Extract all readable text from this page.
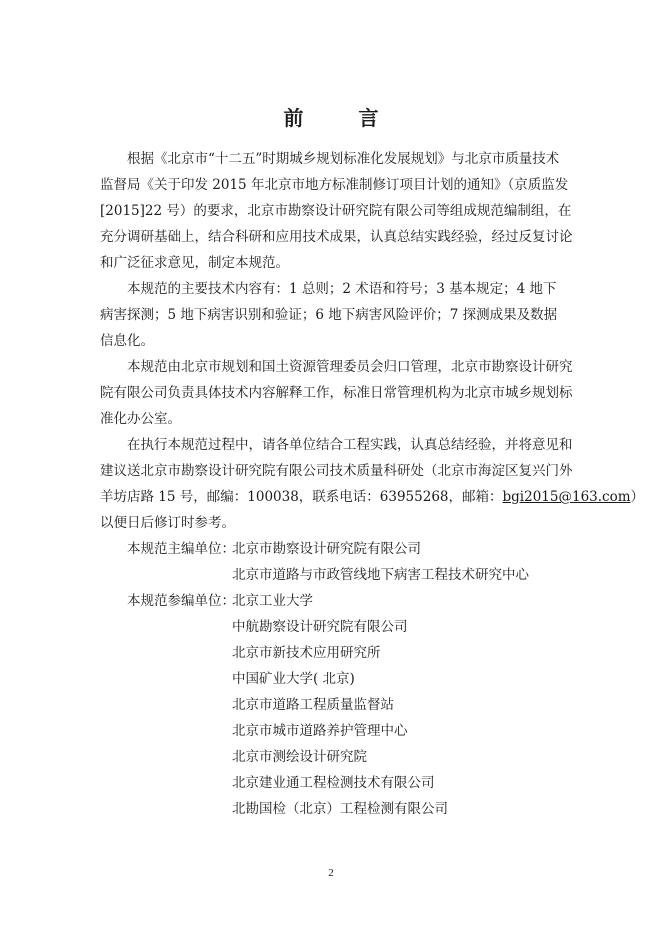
前 言
根据《北京市“十二五”时期城乡规划标准化发展规划》与北京市质量技术
监督局《关于印发 2015 年北京市地方标准制修订项目计划的通知》（京质监发
[2015]22 号）的要求，北京市勘察设计研究院有限公司等组成规范编制组，在
充分调研基础上，结合科研和应用技术成果，认真总结实践经验，经过反复讨论
和广泛征求意见，制定本规范。
本规范的主要技术内容有：1 总则；2 术语和符号；3 基本规定；4 地下
病害探测；5 地下病害识别和验证；6 地下病害风险评价；7 探测成果及数据
信息化。
本规范由北京市规划和国土资源管理委员会归口管理，北京市勘察设计研究
院有限公司负责具体技术内容解释工作，标准日常管理机构为北京市城乡规划标
准化办公室。
在执行本规范过程中，请各单位结合工程实践，认真总结经验，并将意见和
建议送北京市勘察设计研究院有限公司技术质量科研处（北京市海淀区复兴门外
羊坊店路 15 号，邮编：100038，联系电话：63955268，邮箱：bgi2015@163.com）
以便日后修订时参考。
本规范主编单位：
北京市勘察设计研究院有限公司
北京市道路与市政管线地下病害工程技术研究中心
本规范参编单位：
北京工业大学
中航勘察设计研究院有限公司
北京市新技术应用研究所
中国矿业大学( 北京)
北京市道路工程质量监督站
北京市城市道路养护管理中心
北京市测绘设计研究院
北京建业通工程检测技术有限公司
北勘国检（北京）工程检测有限公司
2
